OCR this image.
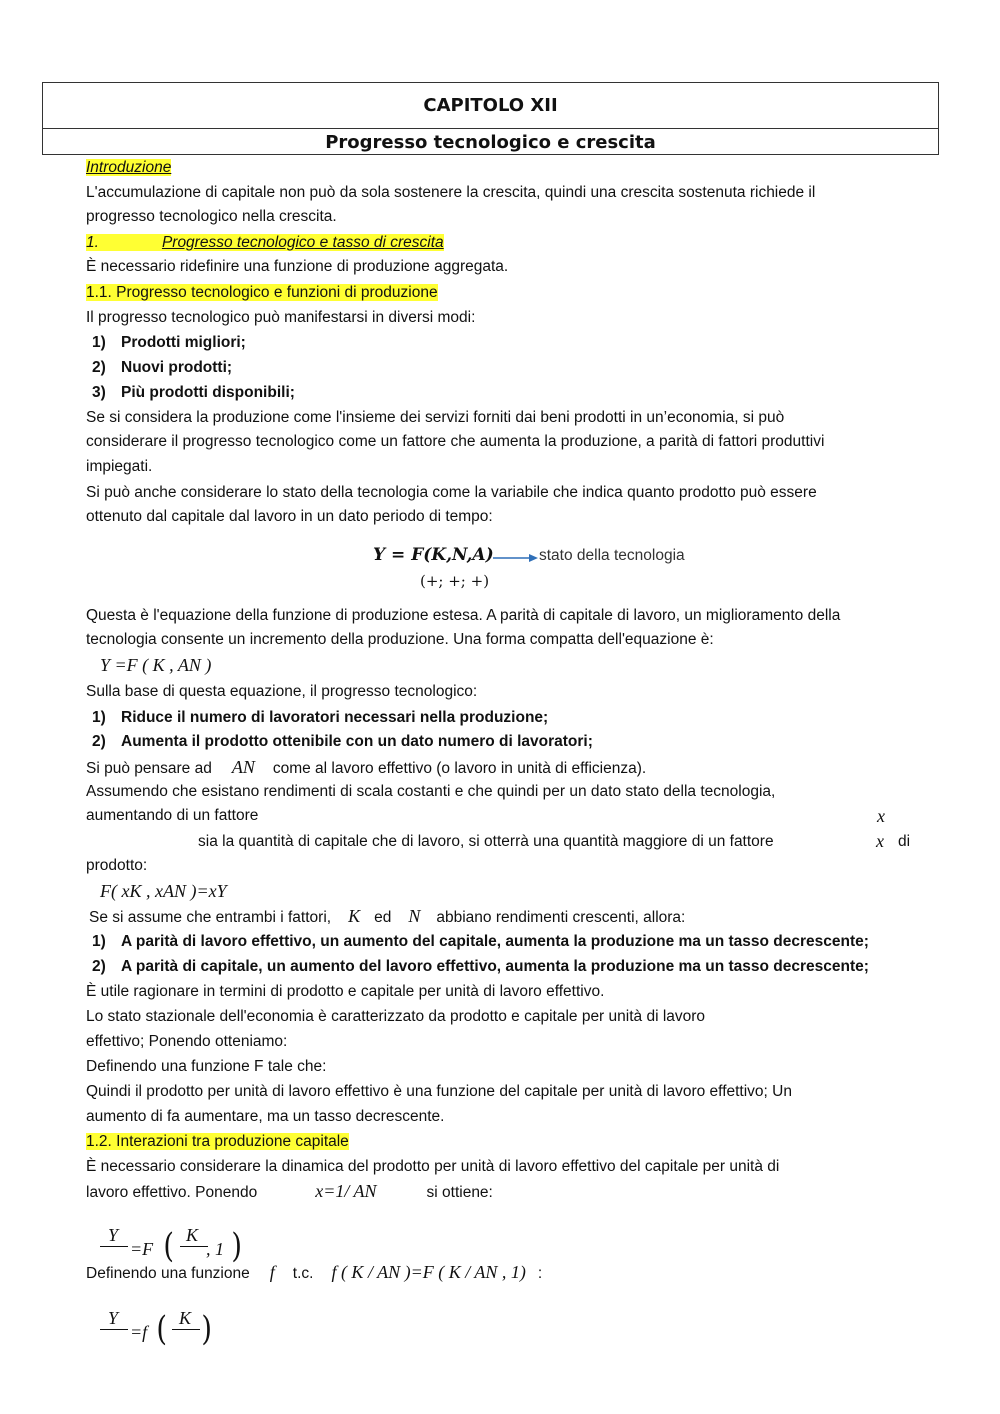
CAPITOLO XII
Progresso tecnologico e crescita
Introduzione
L'accumulazione di capitale non può da sola sostenere la crescita, quindi una crescita sostenuta richiede il
progresso tecnologico nella crescita.
1.	Progresso tecnologico e tasso di crescita
È necessario ridefinire una funzione di produzione aggregata.
1.1. Progresso tecnologico e funzioni di produzione
Il progresso tecnologico può manifestarsi in diversi modi:
1) Prodotti migliori;
2) Nuovi prodotti;
3) Più prodotti disponibili;
Se si considera la produzione come l'insieme dei servizi forniti dai beni prodotti in un’economia, si può
considerare il progresso tecnologico come un fattore che aumenta la produzione, a parità di fattori produttivi
impiegati.
Si può anche considerare lo stato della tecnologia come la variabile che indica quanto prodotto può essere
ottenuto dal capitale dal lavoro in un dato periodo di tempo:
Y = F(K,N,A)	stato della tecnologia
(+; +; +)
Questa è l'equazione della funzione di produzione estesa. A parità di capitale di lavoro, un miglioramento della
tecnologia consente un incremento della produzione. Una forma compatta dell'equazione è:
Y =F ( K , AN )
Sulla base di questa equazione, il progresso tecnologico:
1) Riduce il numero di lavoratori necessari nella produzione;
2) Aumenta il prodotto ottenibile con un dato numero di lavoratori;
Si può pensare ad AN come al lavoro effettivo (o lavoro in unità di efficienza).
Assumendo che esistano rendimenti di scala costanti e che quindi per un dato stato della tecnologia,
aumentando di un fattore	x
sia la quantità di capitale che di lavoro, si otterrà una quantità maggiore di un fattore	x di
prodotto:
F( xK , xAN )=xY
Se si assume che entrambi i fattori, K ed N abbiano rendimenti crescenti, allora:
1) A parità di lavoro effettivo, un aumento del capitale, aumenta la produzione ma un tasso decrescente;
2) A parità di capitale, un aumento del lavoro effettivo, aumenta la produzione ma un tasso decrescente;
È utile ragionare in termini di prodotto e capitale per unità di lavoro effettivo.
Lo stato stazionale dell'economia è caratterizzato da prodotto e capitale per unità di lavoro
effettivo; Ponendo otteniamo:
Definendo una funzione F tale che:
Quindi il prodotto per unità di lavoro effettivo è una funzione del capitale per unità di lavoro effettivo; Un
aumento di fa aumentare, ma un tasso decrescente.
1.2. Interazioni tra produzione capitale
È necessario considerare la dinamica del prodotto per unità di lavoro effettivo del capitale per unità di
lavoro effettivo. Ponendo	x=1/ AN	si ottiene:
Y
=F ( K
, 1 )
Definendo una funzione f t.c. f ( K / AN )=F ( K / AN , 1) :
Y
=f ( K )
